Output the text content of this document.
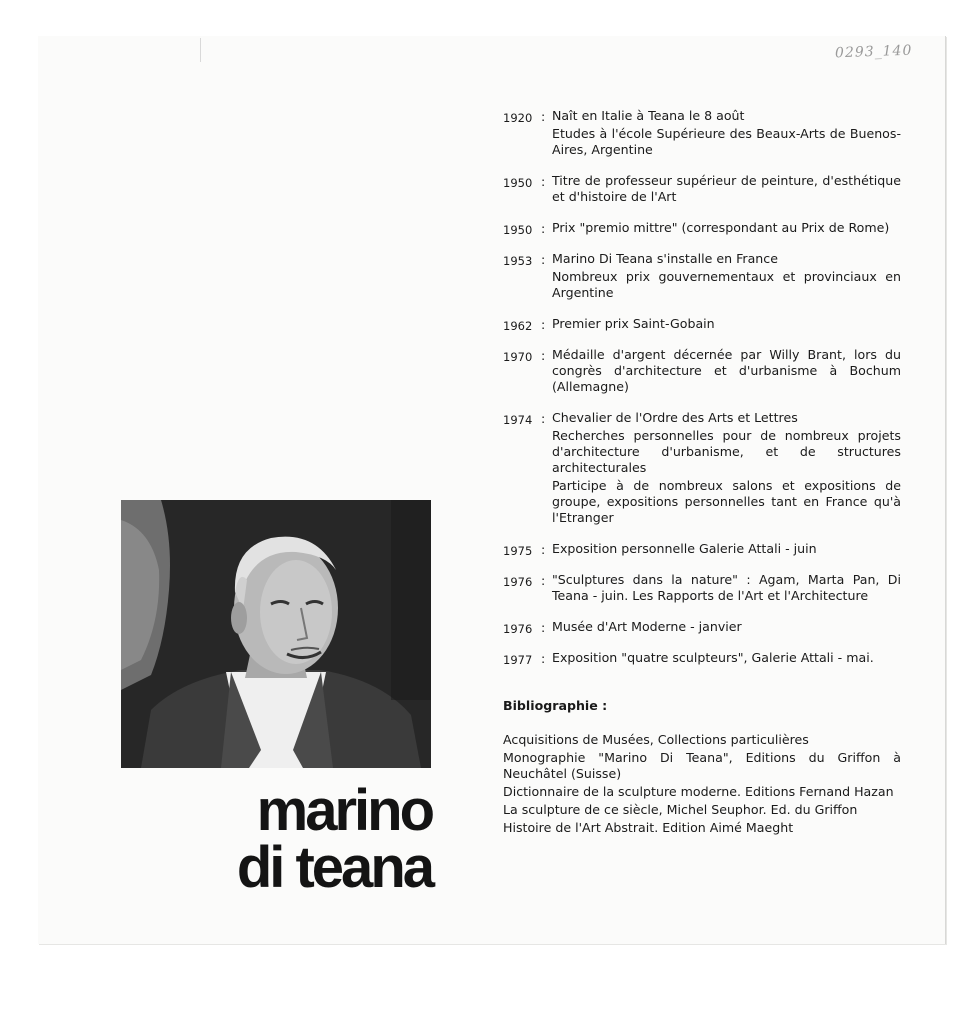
0293_140
marino
di teana
1920 : Naît en Italie à Teana le 8 août
Etudes à l'école Supérieure des Beaux-Arts de Buenos-Aires, Argentine
1950 : Titre de professeur supérieur de peinture, d'esthétique et d'histoire de l'Art
1950 : Prix "premio mittre" (correspondant au Prix de Rome)
1953 : Marino Di Teana s'installe en France
Nombreux prix gouvernementaux et provinciaux en Argentine
1962 : Premier prix Saint-Gobain
1970 : Médaille d'argent décernée par Willy Brant, lors du congrès d'architecture et d'urbanisme à Bochum (Allemagne)
1974 : Chevalier de l'Ordre des Arts et Lettres
Recherches personnelles pour de nombreux projets d'architecture d'urbanisme, et de structures architecturales
Participe à de nombreux salons et expositions de groupe, expositions personnelles tant en France qu'à l'Etranger
1975 : Exposition personnelle Galerie Attali - juin
1976 : "Sculptures dans la nature" : Agam, Marta Pan, Di Teana - juin. Les Rapports de l'Art et l'Architecture
1976 : Musée d'Art Moderne - janvier
1977 : Exposition "quatre sculpteurs", Galerie Attali - mai.
Bibliographie :
Acquisitions de Musées, Collections particulières
Monographie "Marino Di Teana", Editions du Griffon à Neuchâtel (Suisse)
Dictionnaire de la sculpture moderne. Editions Fernand Hazan
La sculpture de ce siècle, Michel Seuphor. Ed. du Griffon
Histoire de l'Art Abstrait. Edition Aimé Maeght
